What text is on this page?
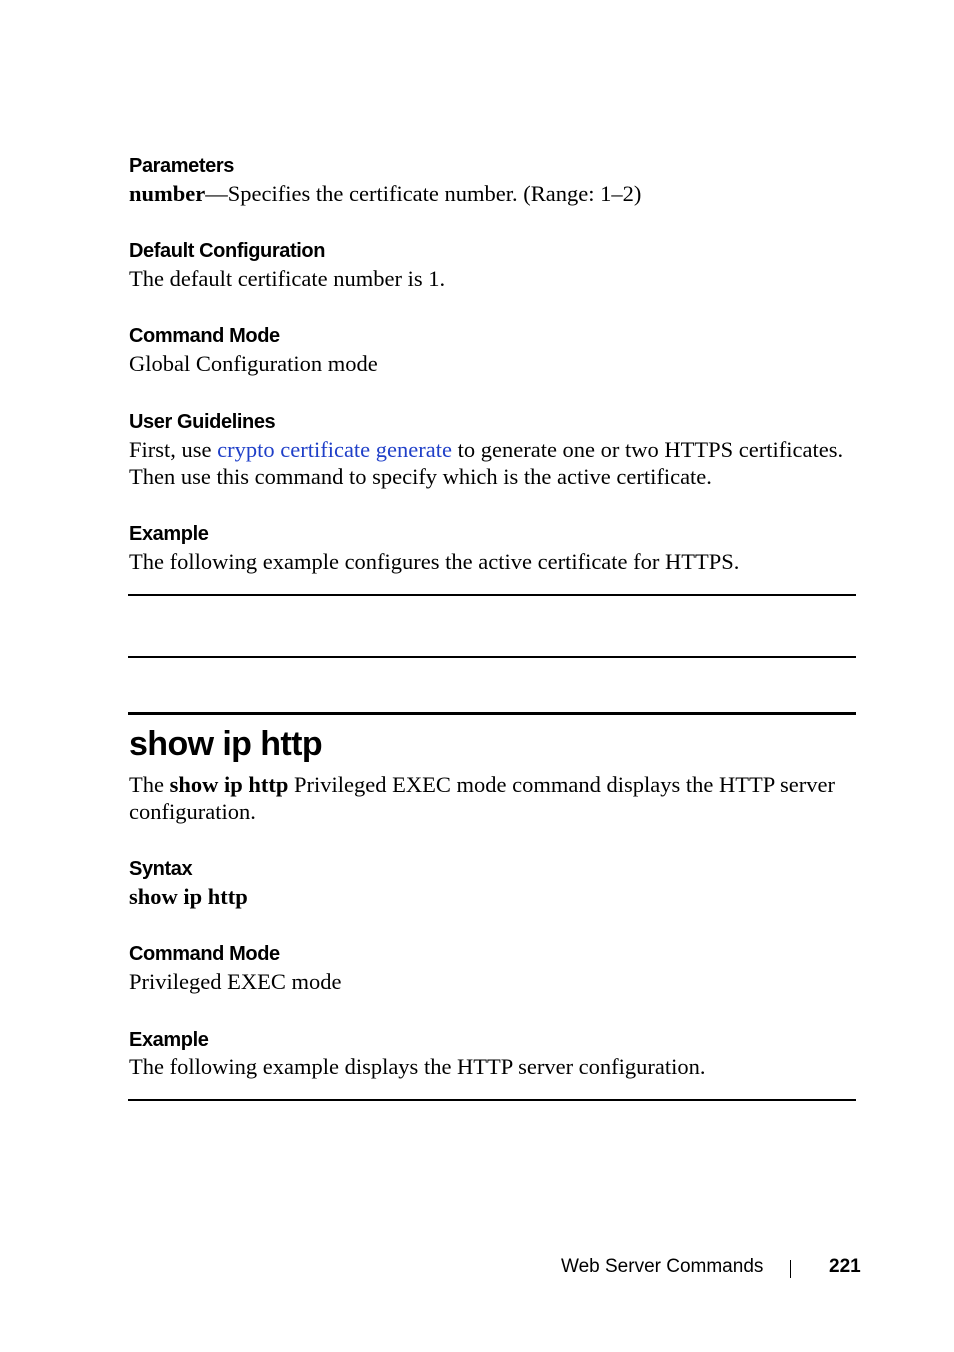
Parameters

number—Specifies the certificate number. (Range: 1–2)

Default Configuration

The default certificate number is 1.

Command Mode

Global Configuration mode

User Guidelines

First, use crypto certificate generate to generate one or two HTTPS certificates. Then use this command to specify which is the active certificate.

Example

The following example configures the active certificate for HTTPS.

show ip http

The show ip http Privileged EXEC mode command displays the HTTP server configuration.

Syntax

show ip http

Command Mode

Privileged EXEC mode

Example

The following example displays the HTTP server configuration.

Web Server Commands	221
